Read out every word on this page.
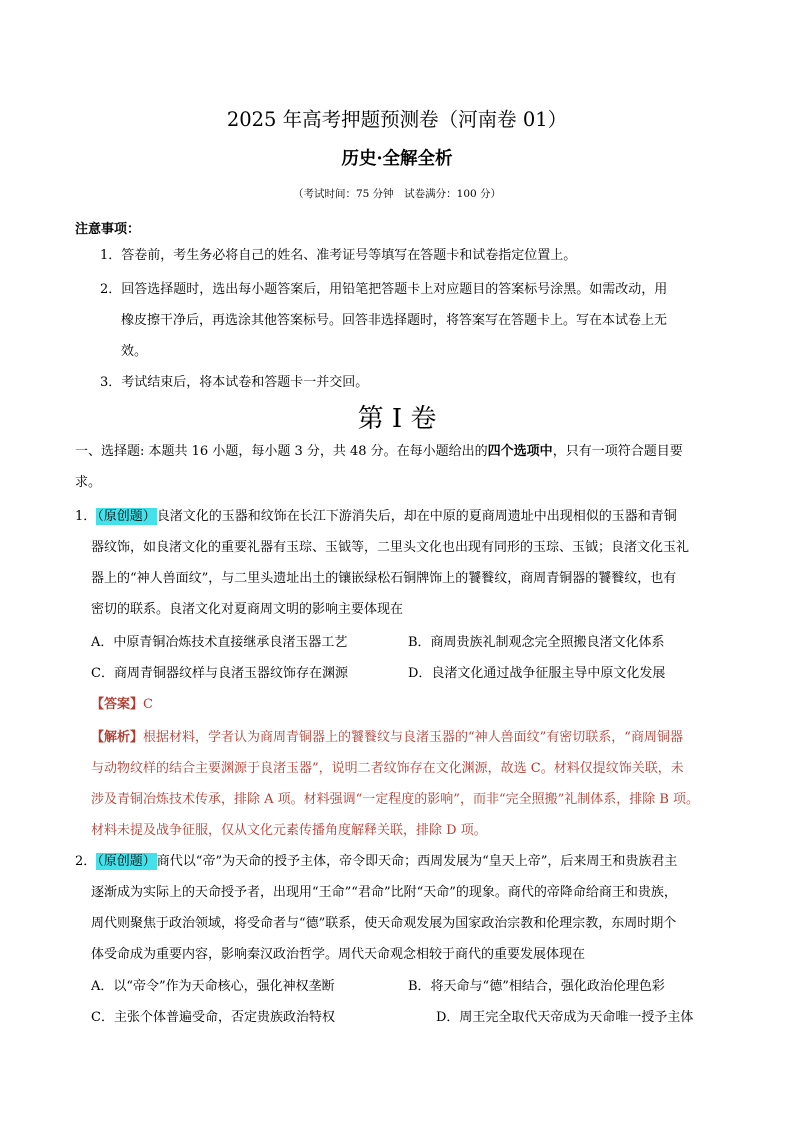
2025 年高考押题预测卷（河南卷 01）
历史·全解全析
（考试时间：75 分钟　试卷满分：100 分）
注意事项：
1．答卷前，考生务必将自己的姓名、准考证号等填写在答题卡和试卷指定位置上。
2．回答选择题时，选出每小题答案后，用铅笔把答题卡上对应题目的答案标号涂黑。如需改动，用
橡皮擦干净后，再选涂其他答案标号。回答非选择题时，将答案写在答题卡上。写在本试卷上无
效。
3．考试结束后，将本试卷和答题卡一并交回。
第 I 卷
一、选择题: 本题共 16 小题，每小题 3 分，共 48 分。在每小题给出的四个选项中，只有一项符合题目要
求。
1．（原创题）良渚文化的玉器和纹饰在长江下游消失后，却在中原的夏商周遗址中出现相似的玉器和青铜
器纹饰，如良渚文化的重要礼器有玉琮、玉钺等，二里头文化也出现有同形的玉琮、玉钺；良渚文化玉礼
器上的“神人兽面纹”，与二里头遗址出土的镶嵌绿松石铜牌饰上的饕餮纹，商周青铜器的饕餮纹，也有
密切的联系。良渚文化对夏商周文明的影响主要体现在
A．中原青铜冶炼技术直接继承良渚玉器工艺	B．商周贵族礼制观念完全照搬良渚文化体系
C．商周青铜器纹样与良渚玉器纹饰存在渊源	D．良渚文化通过战争征服主导中原文化发展
【答案】C
【解析】根据材料，学者认为商周青铜器上的饕餮纹与良渚玉器的“神人兽面纹”有密切联系，“商周铜器
与动物纹样的结合主要渊源于良渚玉器”，说明二者纹饰存在文化渊源，故选 C。材料仅提纹饰关联，未
涉及青铜冶炼技术传承，排除 A 项。材料强调“一定程度的影响”，而非“完全照搬”礼制体系，排除 B 项。
材料未提及战争征服，仅从文化元素传播角度解释关联，排除 D 项。
2．（原创题）商代以“帝”为天命的授予主体，帝令即天命；西周发展为“皇天上帝”，后来周王和贵族君主
逐渐成为实际上的天命授予者，出现用“王命”“君命”比附“天命”的现象。商代的帝降命给商王和贵族，
周代则聚焦于政治领域，将受命者与“德”联系，使天命观发展为国家政治宗教和伦理宗教，东周时期个
体受命成为重要内容，影响秦汉政治哲学。周代天命观念相较于商代的重要发展体现在
A．以“帝令”作为天命核心，强化神权垄断	B．将天命与“德”相结合，强化政治伦理色彩
C．主张个体普遍受命，否定贵族政治特权	D．周王完全取代天帝成为天命唯一授予主体
